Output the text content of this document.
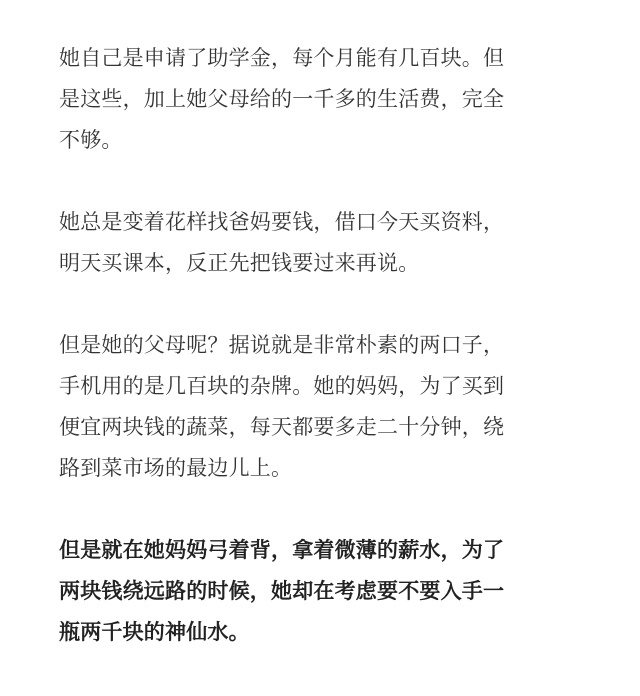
她自己是申请了助学金，每个月能有几百块。但
是这些，加上她父母给的一千多的生活费，完全
不够。

她总是变着花样找爸妈要钱，借口今天买资料，
明天买课本，反正先把钱要过来再说。

但是她的父母呢？据说就是非常朴素的两口子，
手机用的是几百块的杂牌。她的妈妈，为了买到
便宜两块钱的蔬菜，每天都要多走二十分钟，绕
路到菜市场的最边儿上。

但是就在她妈妈弓着背，拿着微薄的薪水，为了
两块钱绕远路的时候，她却在考虑要不要入手一
瓶两千块的神仙水。
